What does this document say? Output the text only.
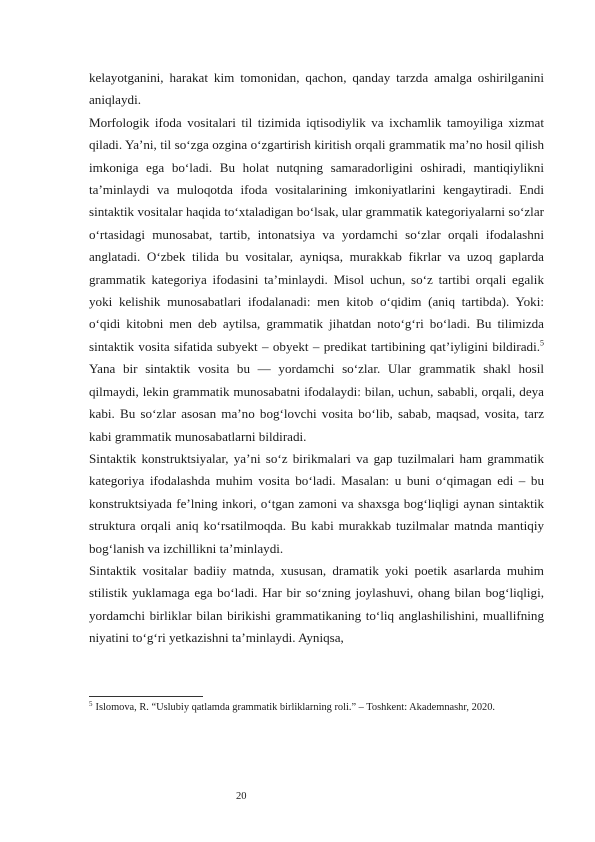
kelayotganini, harakat kim tomonidan, qachon, qanday tarzda amalga oshirilganini aniqlaydi.

Morfologik ifoda vositalari til tizimida iqtisodiylik va ixchamlik tamoyiliga xizmat qiladi. Ya’ni, til so‘zga ozgina o‘zgartirish kiritish orqali grammatik ma’no hosil qilish imkoniga ega bo‘ladi. Bu holat nutqning samaradorligini oshiradi, mantiqiylikni ta’minlaydi va muloqotda ifoda vositalarining imkoniyatlarini kengaytiradi. Endi sintaktik vositalar haqida to‘xtaladigan bo‘lsak, ular grammatik kategoriyalarni so‘zlar o‘rtasidagi munosabat, tartib, intonatsiya va yordamchi so‘zlar orqali ifodalashni anglatadi. O‘zbek tilida bu vositalar, ayniqsa, murakkab fikrlar va uzoq gaplarda grammatik kategoriya ifodasini ta’minlaydi. Misol uchun, so‘z tartibi orqali egalik yoki kelishik munosabatlari ifodalanadi: men kitob o‘qidim (aniq tartibda). Yoki: o‘qidi kitobni men deb aytilsa, grammatik jihatdan noto‘g‘ri bo‘ladi. Bu tilimizda sintaktik vosita sifatida subyekt – obyekt – predikat tartibining qat’iyligini bildiradi.$^5$ Yana bir sintaktik vosita bu — yordamchi so‘zlar. Ular grammatik shakl hosil qilmaydi, lekin grammatik munosabatni ifodalaydi: bilan, uchun, sababli, orqali, deya kabi. Bu so‘zlar asosan ma’no bog‘lovchi vosita bo‘lib, sabab, maqsad, vosita, tarz kabi grammatik munosabatlarni bildiradi.

Sintaktik konstruktsiyalar, ya’ni so‘z birikmalari va gap tuzilmalari ham grammatik kategoriya ifodalashda muhim vosita bo‘ladi. Masalan: u buni o‘qimagan edi – bu konstruktsiyada fe’lning inkori, o‘tgan zamoni va shaxsga bog‘liqligi aynan sintaktik struktura orqali aniq ko‘rsatilmoqda. Bu kabi murakkab tuzilmalar matnda mantiqiy bog‘lanish va izchillikni ta’minlaydi.

Sintaktik vositalar badiiy matnda, xususan, dramatik yoki poetik asarlarda muhim stilistik yuklamaga ega bo‘ladi. Har bir so‘zning joylashuvi, ohang bilan bog‘liqligi, yordamchi birliklar bilan birikishi grammatikaning to‘liq anglashilishini, muallifning niyatini to‘g‘ri yetkazishni ta’minlaydi. Ayniqsa,

$^5$ Islomova, R. “Uslubiy qatlamda grammatik birliklarning roli.” – Toshkent: Akademnashr, 2020.
20
